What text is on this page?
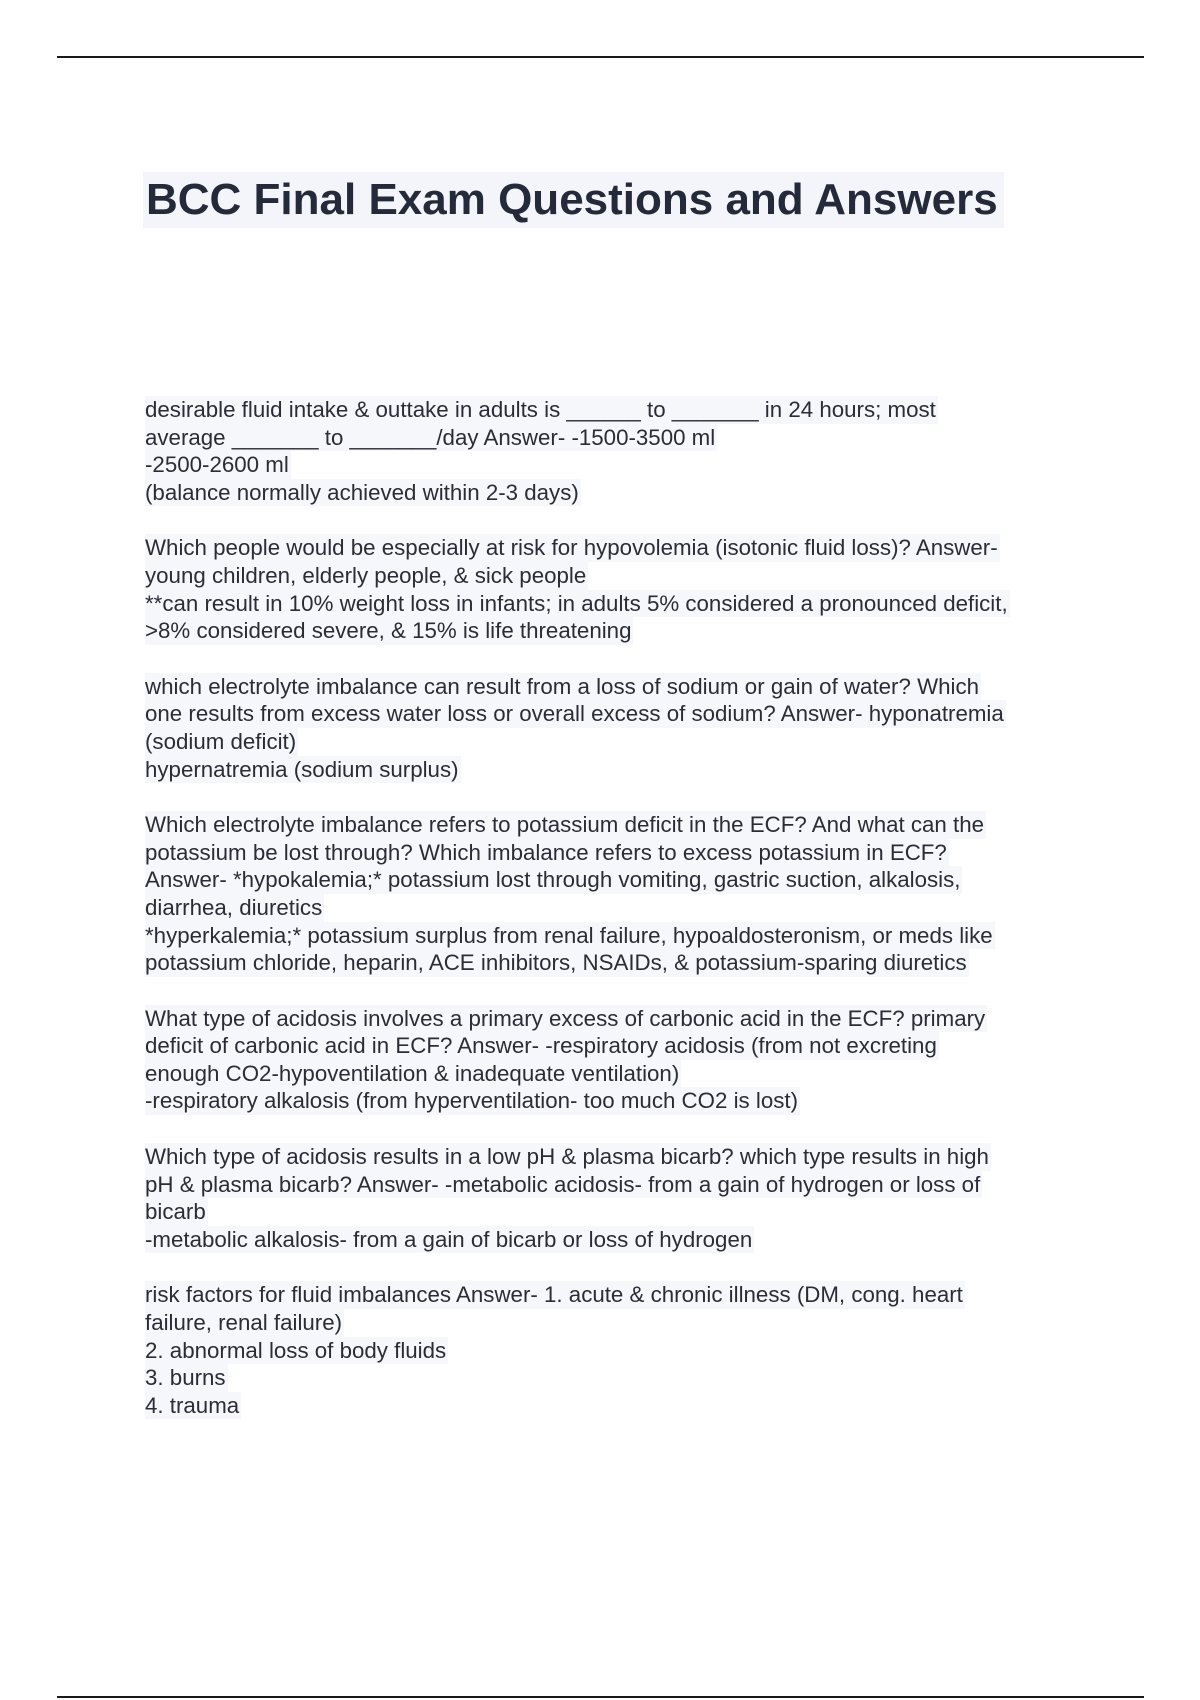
BCC Final Exam Questions and Answers
desirable fluid intake & outtake in adults is ______ to _______ in 24 hours; most
average _______ to _______/day Answer- -1500-3500 ml
-2500-2600 ml
(balance normally achieved within 2-3 days)
Which people would be especially at risk for hypovolemia (isotonic fluid loss)? Answer-
young children, elderly people, & sick people
**can result in 10% weight loss in infants; in adults 5% considered a pronounced deficit,
>8% considered severe, & 15% is life threatening
which electrolyte imbalance can result from a loss of sodium or gain of water? Which
one results from excess water loss or overall excess of sodium? Answer- hyponatremia
(sodium deficit)
hypernatremia (sodium surplus)
Which electrolyte imbalance refers to potassium deficit in the ECF? And what can the
potassium be lost through? Which imbalance refers to excess potassium in ECF?
Answer- *hypokalemia;* potassium lost through vomiting, gastric suction, alkalosis,
diarrhea, diuretics
*hyperkalemia;* potassium surplus from renal failure, hypoaldosteronism, or meds like
potassium chloride, heparin, ACE inhibitors, NSAIDs, & potassium-sparing diuretics
What type of acidosis involves a primary excess of carbonic acid in the ECF? primary
deficit of carbonic acid in ECF? Answer- -respiratory acidosis (from not excreting
enough CO2-hypoventilation & inadequate ventilation)
-respiratory alkalosis (from hyperventilation- too much CO2 is lost)
Which type of acidosis results in a low pH & plasma bicarb? which type results in high
pH & plasma bicarb? Answer- -metabolic acidosis- from a gain of hydrogen or loss of
bicarb
-metabolic alkalosis- from a gain of bicarb or loss of hydrogen
risk factors for fluid imbalances Answer- 1. acute & chronic illness (DM, cong. heart
failure, renal failure)
2. abnormal loss of body fluids
3. burns
4. trauma
